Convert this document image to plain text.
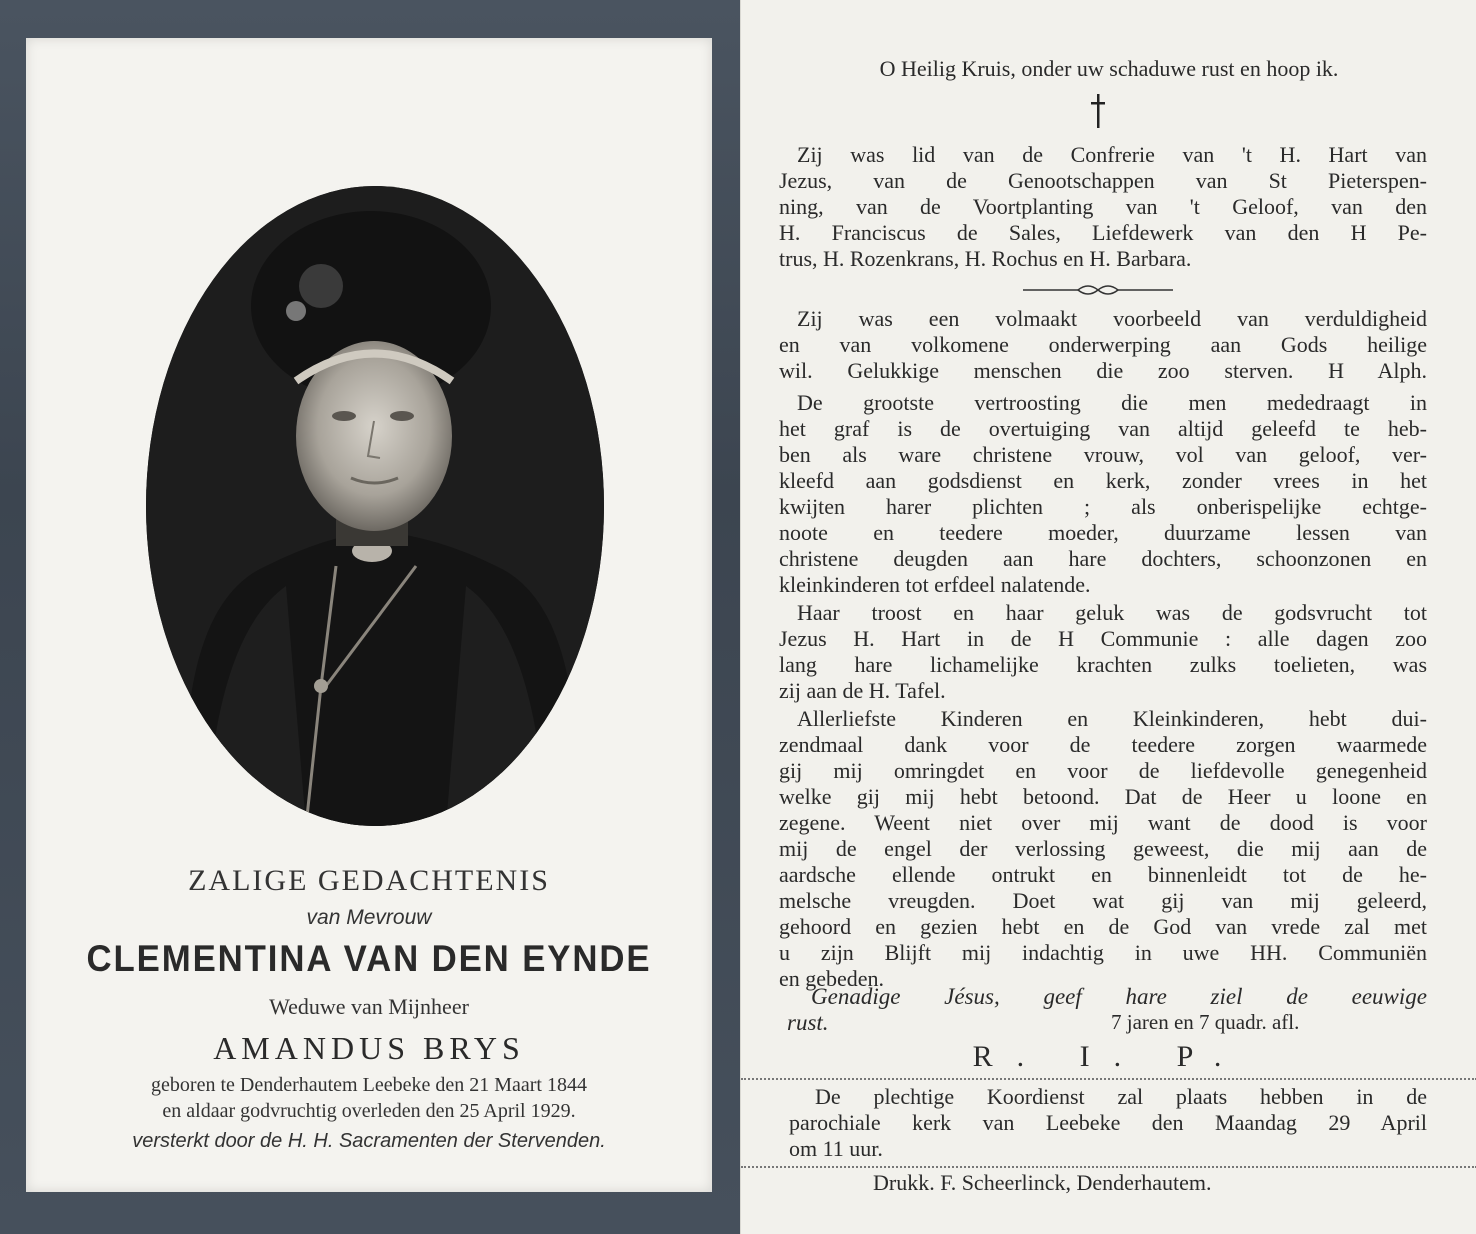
ZALIGE GEDACHTENIS
van Mevrouw
CLEMENTINA VAN DEN EYNDE
Weduwe van Mijnheer
AMANDUS BRYS
geboren te Denderhautem Leebeke den 21 Maart 1844
en aldaar godvruchtig overleden den 25 April 1929.
versterkt door de H. H. Sacramenten der Stervenden.
O Heilig Kruis, onder uw schaduwe rust en hoop ik.
Zij was lid van de Confrerie van 't H. Hart van
Jezus, van de Genootschappen van St Pieterspen-
ning, van de Voortplanting van 't Geloof, van den
H. Franciscus de Sales, Liefdewerk van den H Pe-
trus, H. Rozenkrans, H. Rochus en H. Barbara.
Zij was een volmaakt voorbeeld van verduldigheid
en van volkomene onderwerping aan Gods heilige
wil. Gelukkige menschen die zoo sterven. H Alph.
De grootste vertroosting die men mededraagt in
het graf is de overtuiging van altijd geleefd te heb-
ben als ware christene vrouw, vol van geloof, ver-
kleefd aan godsdienst en kerk, zonder vrees in het
kwijten harer plichten ; als onberispelijke echtge-
noote en teedere moeder, duurzame lessen van
christene deugden aan hare dochters, schoonzonen en
kleinkinderen tot erfdeel nalatende.
Haar troost en haar geluk was de godsvrucht tot
Jezus H. Hart in de H Communie : alle dagen zoo
lang hare lichamelijke krachten zulks toelieten, was
zij aan de H. Tafel.
Allerliefste Kinderen en Kleinkinderen, hebt dui-
zendmaal dank voor de teedere zorgen waarmede
gij mij omringdet en voor de liefdevolle genegenheid
welke gij mij hebt betoond. Dat de Heer u loone en
zegene. Weent niet over mij want de dood is voor
mij de engel der verlossing geweest, die mij aan de
aardsche ellende ontrukt en binnenleidt tot de he-
melsche vreugden. Doet wat gij van mij geleerd,
gehoord en gezien hebt en de God van vrede zal met
u zijn Blijft mij indachtig in uwe HH. Communiën
en gebeden.
Genadige Jésus, geef hare ziel de eeuwige
rust.	7 jaren en 7 quadr. afl.
R. I. P.
De plechtige Koordienst zal plaats hebben in de
parochiale kerk van Leebeke den Maandag 29 April
om 11 uur.
Drukk. F. Scheerlinck, Denderhautem.
